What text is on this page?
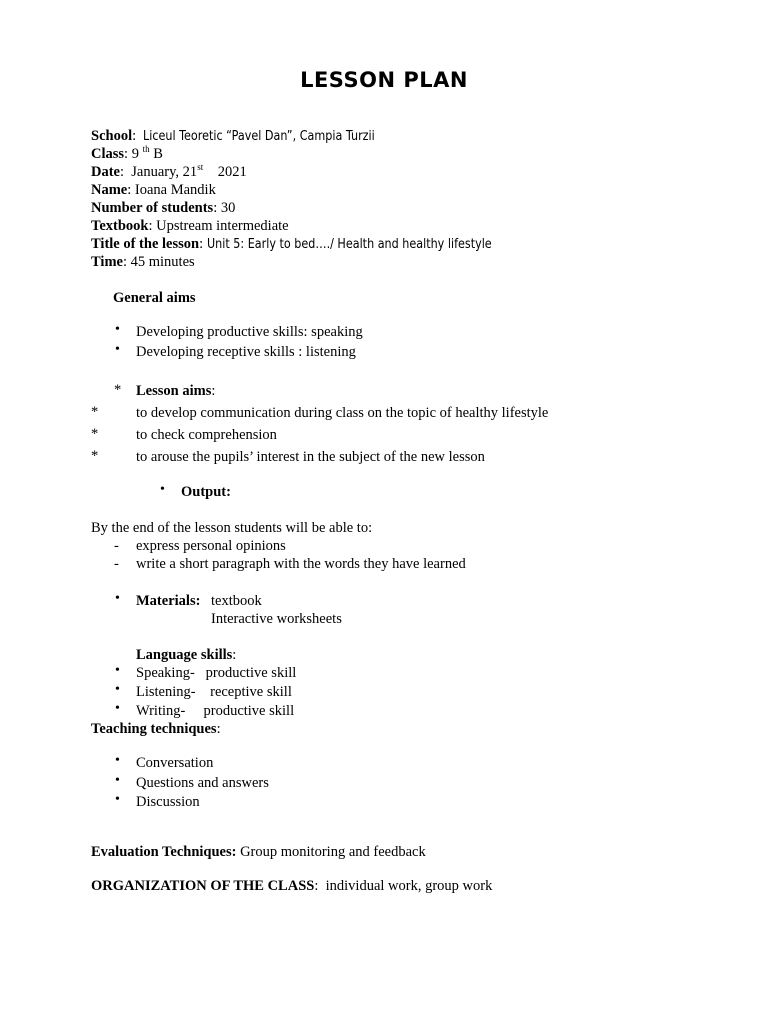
LESSON PLAN
School:  Liceul Teoretic “Pavel Dan”, Campia Turzii
Class: 9 $^{th}$ B
Date:  January, 21st 2021
Name: Ioana Mandik
Number of students: 30
Textbook: Upstream intermediate
Title of the lesson: Unit 5: Early to bed…./ Health and healthy lifestyle
Time: 45 minutes
General aims
• Developing productive skills: speaking
• Developing receptive skills : listening
* Lesson aims:
*	to develop communication during class on the topic of healthy lifestyle
*	to check comprehension
*	to arouse the pupils’ interest in the subject of the new lesson
• Output:
By the end of the lesson students will be able to:
- express personal opinions
- write a short paragraph with the words they have learned
• Materials: textbook
Interactive worksheets
Language skills:
• Speaking- productive skill
• Listening- receptive skill
• Writing- productive skill
Teaching techniques:
• Conversation
• Questions and answers
• Discussion
Evaluation Techniques: Group monitoring and feedback
ORGANIZATION OF THE CLASS:  individual work, group work
